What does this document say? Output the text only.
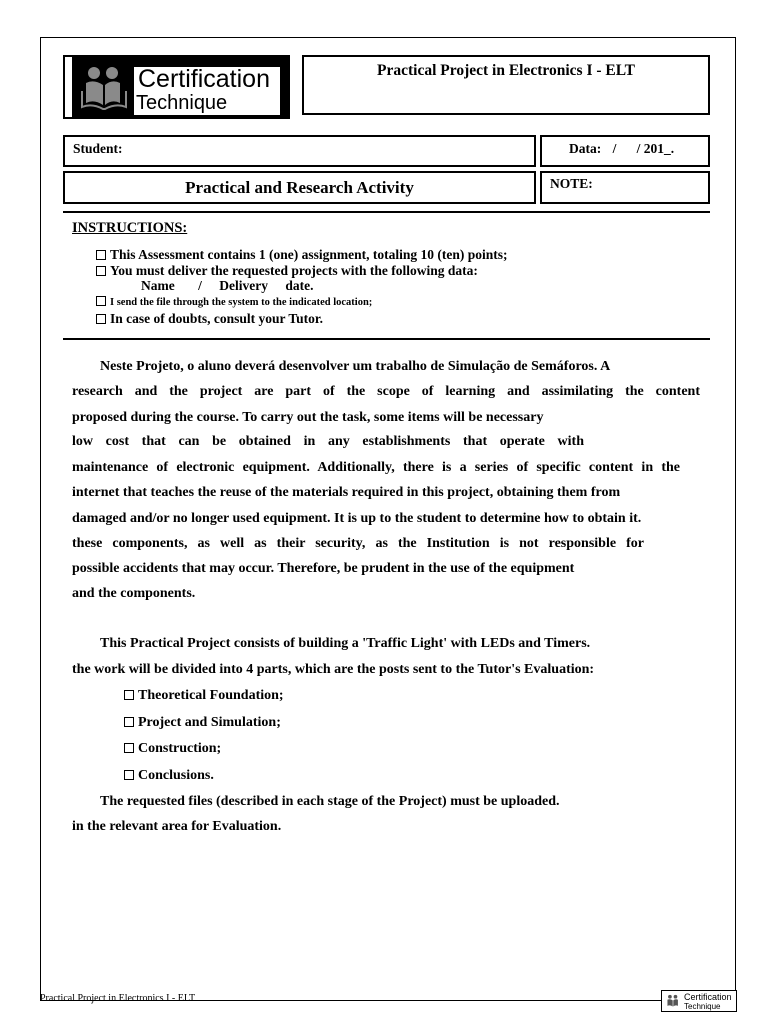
Certification
Technique
Practical Project in Electronics I - ELT
Student:	Data: /      / 201_.
Practical and Research Activity	NOTE:
INSTRUCTIONS:
This Assessment contains 1 (one) assignment, totaling 10 (ten) points;
You must deliver the requested projects with the following data:
Name / Delivery date.
I send the file through the system to the indicated location;
In case of doubts, consult your Tutor.
Neste Projeto, o aluno deverá desenvolver um trabalho de Simulação de Semáforos. A
research and the project are part of the scope of learning and assimilating the content
proposed during the course. To carry out the task, some items will be necessary
low cost that can be obtained in any establishments that operate with
maintenance of electronic equipment. Additionally, there is a series of specific content in the
internet that teaches the reuse of the materials required in this project, obtaining them from
damaged and/or no longer used equipment. It is up to the student to determine how to obtain it.
these components, as well as their security, as the Institution is not responsible for
possible accidents that may occur. Therefore, be prudent in the use of the equipment
and the components.
This Practical Project consists of building a 'Traffic Light' with LEDs and Timers.
the work will be divided into 4 parts, which are the posts sent to the Tutor's Evaluation:
Theoretical Foundation;
Project and Simulation;
Construction;
Conclusions.
The requested files (described in each stage of the Project) must be uploaded.
in the relevant area for Evaluation.
Practical Project in Electronics I - ELT	Certification
Technique
